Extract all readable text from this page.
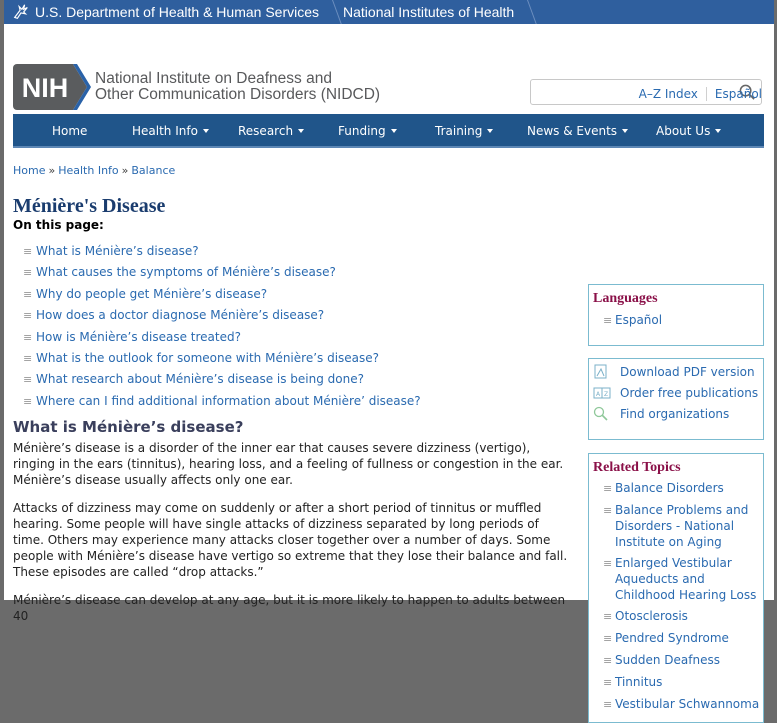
U.S. Department of Health & Human Services National Institutes of Health
NIH National Institute on Deafness and
Other Communication Disorders (NIDCD)	A–Z Index Español
Home	Health Info	Research	Funding	Training	News & Events	About Us
Home » Health Info » Balance
Ménière's Disease
On this page:
≡ What is Ménière’s disease?
≡ What causes the symptoms of Ménière’s disease?
≡ Why do people get Ménière’s disease?
≡ How does a doctor diagnose Ménière’s disease?
≡ How is Ménière’s disease treated?
≡ What is the outlook for someone with Ménière’s disease?
≡ What research about Ménière’s disease is being done?
≡ Where can I find additional information about Ménière’ disease?
What is Ménière’s disease?

Ménière’s disease is a disorder of the inner ear that causes severe dizziness (vertigo), ringing in the ears (tinnitus), hearing loss, and a feeling of fullness or congestion in the ear. Ménière’s disease usually affects only one ear.

Attacks of dizziness may come on suddenly or after a short period of tinnitus or muffled hearing. Some people will have single attacks of dizziness separated by long periods of time. Others may experience many attacks closer together over a number of days. Some people with Ménière’s disease have vertigo so extreme that they lose their balance and fall. These episodes are called “drop attacks.”

Ménière’s disease can develop at any age, but it is more likely to happen to adults between 40

Languages
≡ Español
Download PDF version
A Z Order free publications
Find organizations
Related Topics
≡ Balance Disorders
≡ Balance Problems and Disorders - National Institute on Aging
≡ Enlarged Vestibular Aqueducts and Childhood Hearing Loss
≡ Otosclerosis
≡ Pendred Syndrome
≡ Sudden Deafness
≡ Tinnitus
≡ Vestibular Schwannoma
